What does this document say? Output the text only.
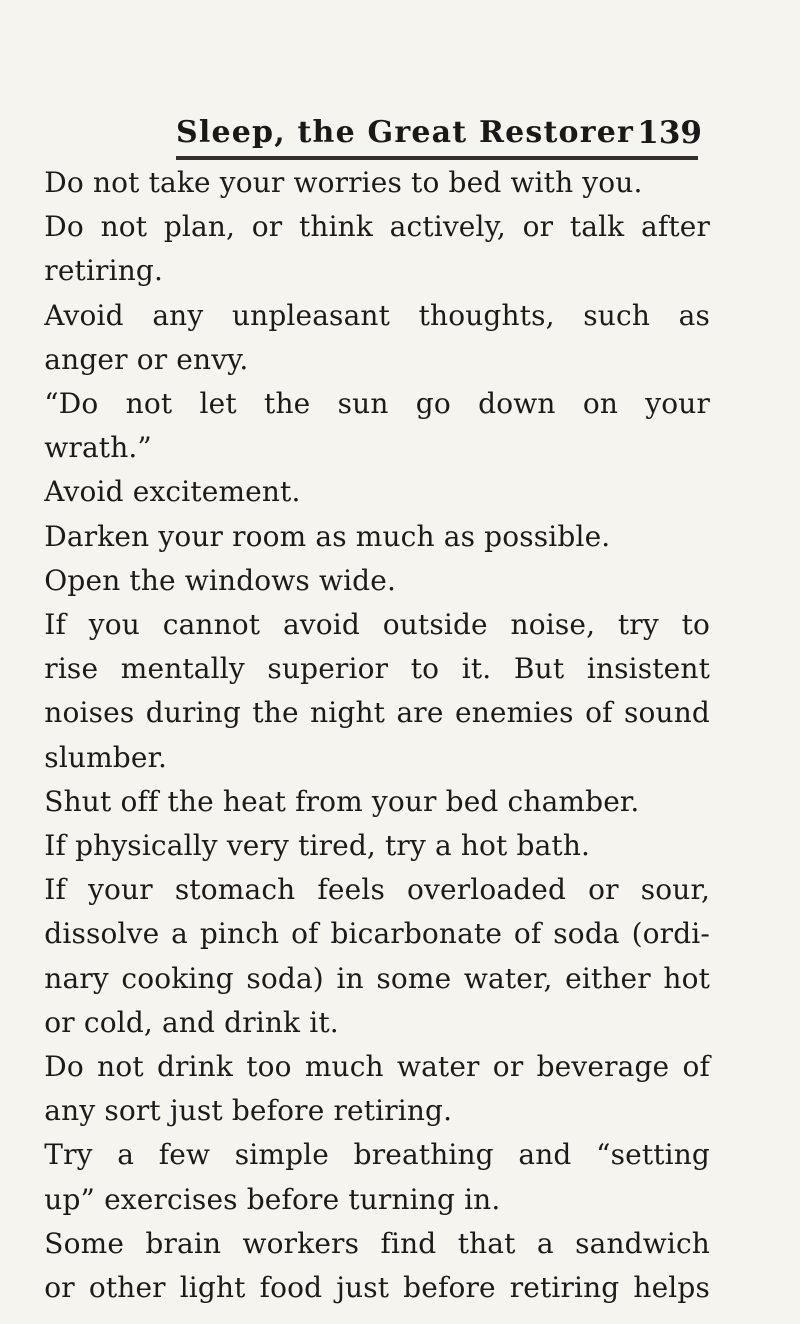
Sleep, the Great Restorer 139

Do not take your worries to bed with you.

Do not plan, or think actively, or talk after
retiring.

Avoid any unpleasant thoughts, such as
anger or envy.

“Do not let the sun go down on your
wrath.”

Avoid excitement.

Darken your room as much as possible.

Open the windows wide.

If you cannot avoid outside noise, try to
rise mentally superior to it. But insistent
noises during the night are enemies of sound
slumber.

Shut off the heat from your bed chamber.

If physically very tired, try a hot bath.

If your stomach feels overloaded or sour,
dissolve a pinch of bicarbonate of soda (ordi-
nary cooking soda) in some water, either hot
or cold, and drink it.

Do not drink too much water or beverage of
any sort just before retiring.

Try a few simple breathing and “setting
up” exercises before turning in.

Some brain workers find that a sandwich
or other light food just before retiring helps
